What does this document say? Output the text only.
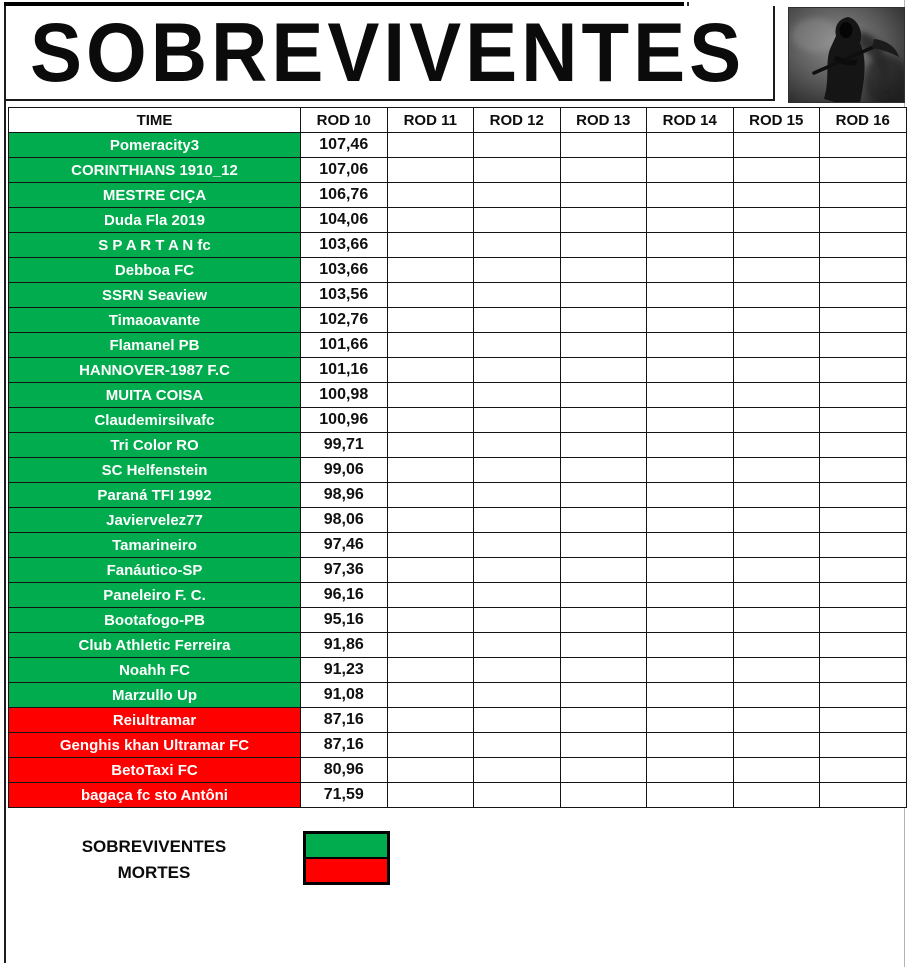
SOBREVIVENTES
TIME	ROD 10	ROD 11	ROD 12	ROD 13	ROD 14	ROD 15	ROD 16
Pomeracity3	107,46						
CORINTHIANS 1910_12	107,06						
MESTRE CIÇA	106,76						
Duda Fla 2019	104,06						
S P A R T A N fc	103,66						
Debboa FC	103,66						
SSRN Seaview	103,56						
Timaoavante	102,76						
Flamanel PB	101,66						
HANNOVER-1987 F.C	101,16						
MUITA COISA	100,98						
Claudemirsilvafc	100,96						
Tri Color RO	99,71						
SC Helfenstein	99,06						
Paraná TFI 1992	98,96						
Javiervelez77	98,06						
Tamarineiro	97,46						
Fanáutico-SP	97,36						
Paneleiro F. C.	96,16						
Bootafogo-PB	95,16						
Club Athletic Ferreira	91,86						
Noahh FC	91,23						
Marzullo Up	91,08						
Reiultramar	87,16						
Genghis khan Ultramar FC	87,16						
BetoTaxi FC	80,96						
bagaça fc sto Antôni	71,59						
SOBREVIVENTES
MORTES
